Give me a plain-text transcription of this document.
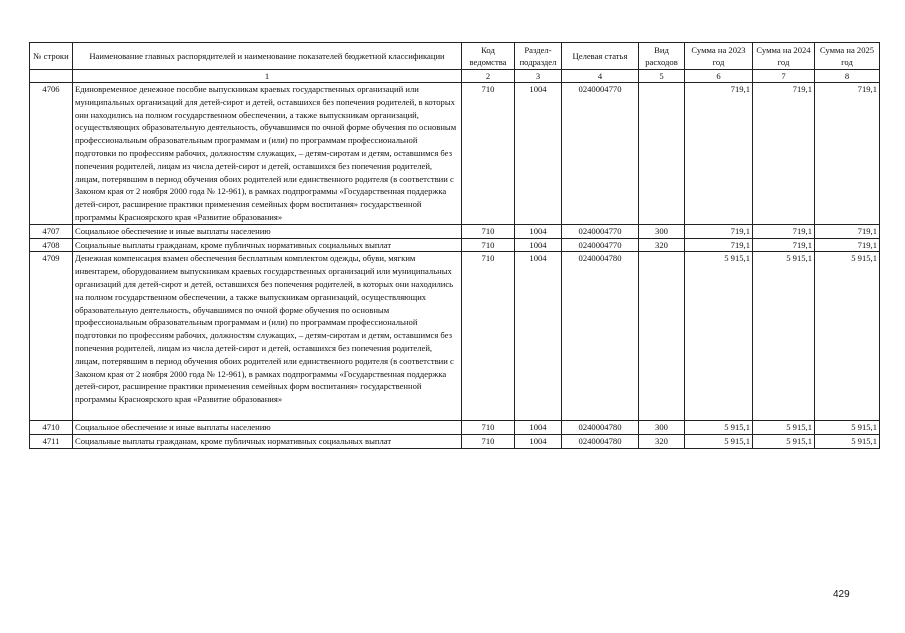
№ строки	Наименование главных распорядителей и наименование показателей бюджетной классификации	Код ведомства	Раздел-подраздел	Целевая статья	Вид расходов	Сумма на 2023 год	Сумма на 2024 год	Сумма на 2025 год
	1	2	3	4	5	6	7	8
4706	Единовременное денежное пособие выпускникам краевых государственных организаций или муниципальных организаций для детей-сирот и детей, оставшихся без попечения родителей, в которых они находились на полном государственном обеспечении, а также выпускникам организаций, осуществляющих образовательную деятельность, обучавшимся по очной форме обучения по основным профессиональным образовательным программам и (или) по программам профессиональной подготовки по профессиям рабочих, должностям служащих, – детям-сиротам и детям, оставшимся без попечения родителей, лицам из числа детей-сирот и детей, оставшихся без попечения родителей, лицам, потерявшим в период обучения обоих родителей или единственного родителя (в соответствии с Законом края от 2 ноября 2000 года № 12-961), в рамках подпрограммы «Государственная поддержка детей-сирот, расширение практики применения семейных форм воспитания» государственной программы Красноярского края «Развитие образования»	710	1004	0240004770		719,1	719,1	719,1
4707	Социальное обеспечение и иные выплаты населению	710	1004	0240004770	300	719,1	719,1	719,1
4708	Социальные выплаты гражданам, кроме публичных нормативных социальных выплат	710	1004	0240004770	320	719,1	719,1	719,1
4709	Денежная компенсация взамен обеспечения бесплатным комплектом одежды, обуви, мягким инвентарем, оборудованием выпускникам краевых государственных организаций или муниципальных организаций для детей-сирот и детей, оставшихся без попечения родителей, в которых они находились на полном государственном обеспечении, а также выпускникам организаций, осуществляющих образовательную деятельность, обучавшимся по очной форме обучения по основным профессиональным образовательным программам и (или) по программам профессиональной подготовки по профессиям рабочих, должностям служащих, – детям-сиротам и детям, оставшимся без попечения родителей, лицам из числа детей-сирот и детей, оставшихся без попечения родителей, лицам, потерявшим в период обучения обоих родителей или единственного родителя (в соответствии с Законом края от 2 ноября 2000 года № 12-961), в рамках подпрограммы «Государственная поддержка детей-сирот, расширение практики применения семейных форм воспитания» государственной программы Красноярского края «Развитие образования»	710	1004	0240004780		5 915,1	5 915,1	5 915,1
4710	Социальное обеспечение и иные выплаты населению	710	1004	0240004780	300	5 915,1	5 915,1	5 915,1
4711	Социальные выплаты гражданам, кроме публичных нормативных социальных выплат	710	1004	0240004780	320	5 915,1	5 915,1	5 915,1
429
